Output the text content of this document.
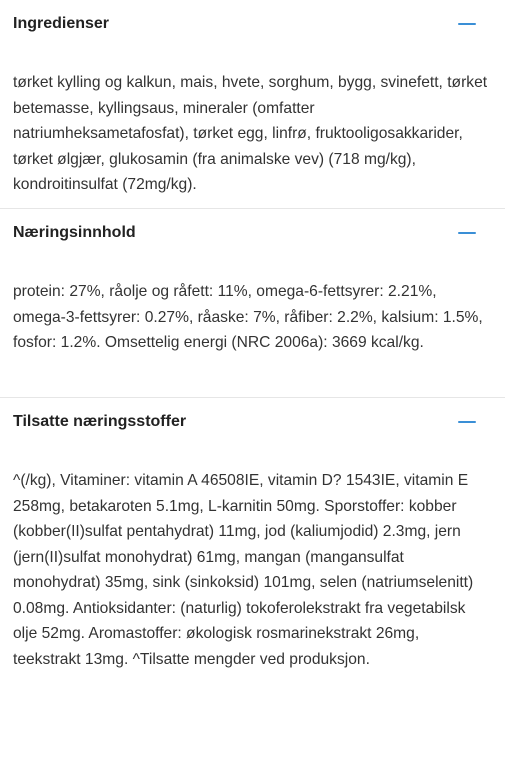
Ingredienser

tørket kylling og kalkun, mais, hvete, sorghum, bygg, svinefett, tørket betemasse, kyllingsaus, mineraler (omfatter natriumheksametafosfat), tørket egg, linfrø, fruktooligosakkarider, tørket ølgjær, glukosamin (fra animalske vev) (718 mg/kg), kondroitinsulfat (72mg/kg).

Næringsinnhold

protein: 27%, råolje og råfett: 11%, omega-6-fettsyrer: 2.21%, omega-3-fettsyrer: 0.27%, råaske: 7%, råfiber: 2.2%, kalsium: 1.5%, fosfor: 1.2%. Omsettelig energi (NRC 2006a): 3669 kcal/kg.

Tilsatte næringsstoffer

^(/kg), Vitaminer: vitamin A 46508IE, vitamin D? 1543IE, vitamin E 258mg, betakaroten 5.1mg, L-karnitin 50mg. Sporstoffer: kobber (kobber(II)sulfat pentahydrat) 11mg, jod (kaliumjodid) 2.3mg, jern (jern(II)sulfat monohydrat) 61mg, mangan (mangansulfat monohydrat) 35mg, sink (sinkoksid) 101mg, selen (natriumselenitt) 0.08mg. Antioksidanter: (naturlig) tokoferolekstrakt fra vegetabilsk olje 52mg. Aromastoffer: økologisk rosmarinekstrakt 26mg, teekstrakt 13mg. ^Tilsatte mengder ved produksjon.
